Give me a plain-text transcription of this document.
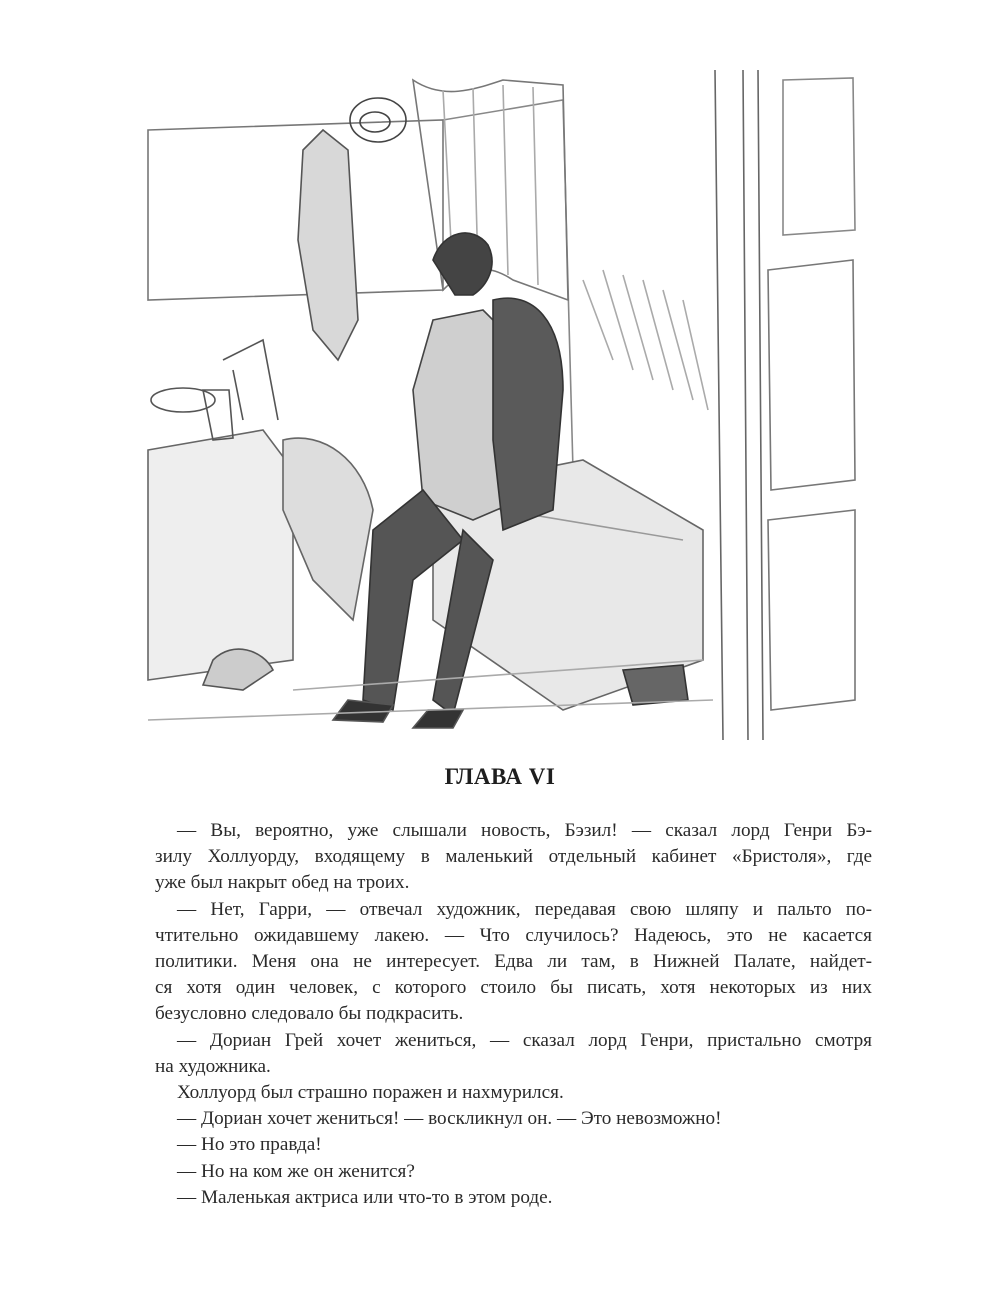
ГЛАВА VI
— Вы, вероятно, уже слышали новость, Бэзил! — сказал лорд Генри Бэ-
зилу Холлуорду, входящему в маленький отдельный кабинет «Бристоля», где
уже был накрыт обед на троих.
— Нет, Гарри, — отвечал художник, передавая свою шляпу и пальто по-
чтительно ожидавшему лакею. — Что случилось? Надеюсь, это не касается
политики. Меня она не интересует. Едва ли там, в Нижней Палате, найдет-
ся хотя один человек, с которого стоило бы писать, хотя некоторых из них
безусловно следовало бы подкрасить.
— Дориан Грей хочет жениться, — сказал лорд Генри, пристально смотря
на художника.
Холлуорд был страшно поражен и нахмурился.
— Дориан хочет жениться! — воскликнул он. — Это невозможно!
— Но это правда!
— Но на ком же он женится?
— Маленькая актриса или что-то в этом роде.
